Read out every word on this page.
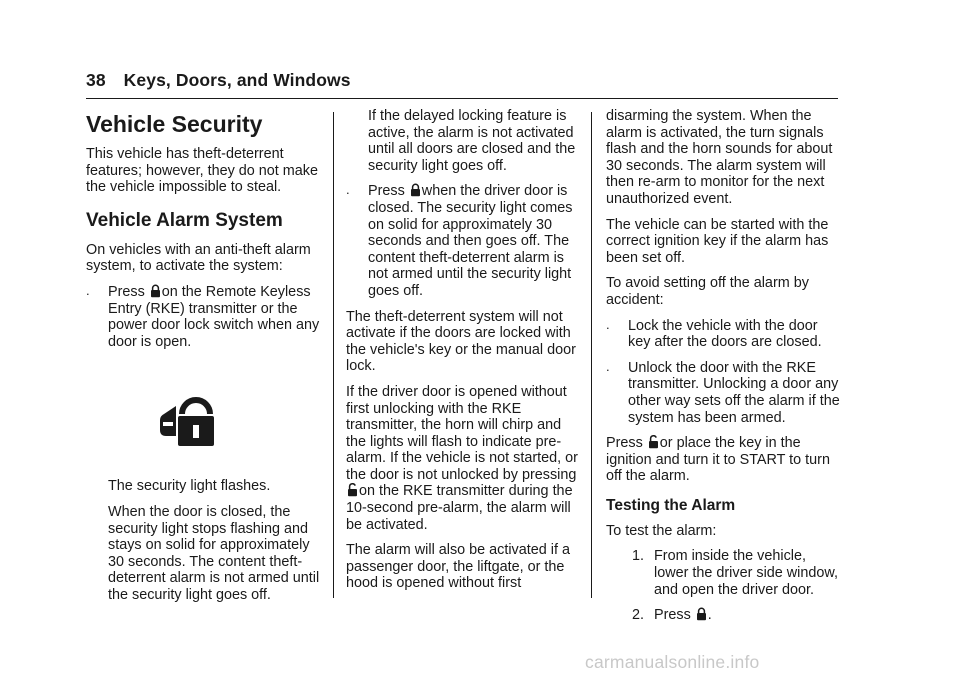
38 Keys, Doors, and Windows
Vehicle Security

This vehicle has theft-deterrent features; however, they do not make the vehicle impossible to steal.

Vehicle Alarm System

On vehicles with an anti-theft alarm system, to activate the system:

. Press on the Remote Keyless Entry (RKE) transmitter or the power door lock switch when any door is open.

The security light flashes.

When the door is closed, the security light stops flashing and stays on solid for approximately 30 seconds. The content theft-deterrent alarm is not armed until the security light goes off.

If the delayed locking feature is active, the alarm is not activated until all doors are closed and the security light goes off.

. Press when the driver door is closed. The security light comes on solid for approximately 30 seconds and then goes off. The content theft-deterrent alarm is not armed until the security light goes off.

The theft-deterrent system will not activate if the doors are locked with the vehicle's key or the manual door lock.

If the driver door is opened without first unlocking with the RKE transmitter, the horn will chirp and the lights will flash to indicate pre-alarm. If the vehicle is not started, or the door is not unlocked by pressing
on the RKE transmitter during the 10-second pre-alarm, the alarm will be activated.

The alarm will also be activated if a passenger door, the liftgate, or the hood is opened without first

disarming the system. When the alarm is activated, the turn signals flash and the horn sounds for about 30 seconds. The alarm system will then re-arm to monitor for the next unauthorized event.

The vehicle can be started with the correct ignition key if the alarm has been set off.

To avoid setting off the alarm by accident:

. Lock the vehicle with the door key after the doors are closed.
. Unlock the door with the RKE transmitter. Unlocking a door any other way sets off the alarm if the system has been armed.

Press or place the key in the ignition and turn it to START to turn off the alarm.

Testing the Alarm

To test the alarm:

1. From inside the vehicle, lower the driver side window, and open the driver door.
2. Press .
carmanualsonline.info
